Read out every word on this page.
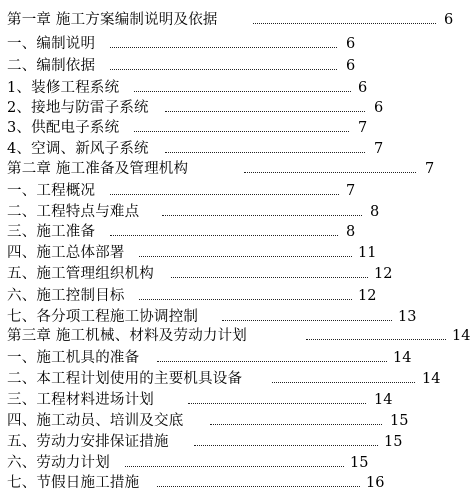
第一章 施工方案编制说明及依据	6
一、编制说明	6
二、编制依据	6
1、装修工程系统	6
2、接地与防雷子系统	6
3、供配电子系统	7
4、空调、新风子系统	7
第二章 施工准备及管理机构	7
一、工程概况	7
二、工程特点与难点	8
三、施工准备	8
四、施工总体部署	11
五、施工管理组织机构	12
六、施工控制目标	12
七、各分项工程施工协调控制	13
第三章 施工机械、材料及劳动力计划	14
一、施工机具的准备	14
二、本工程计划使用的主要机具设备	14
三、工程材料进场计划	14
四、施工动员、培训及交底	15
五、劳动力安排保证措施	15
六、劳动力计划	15
七、节假日施工措施	16
